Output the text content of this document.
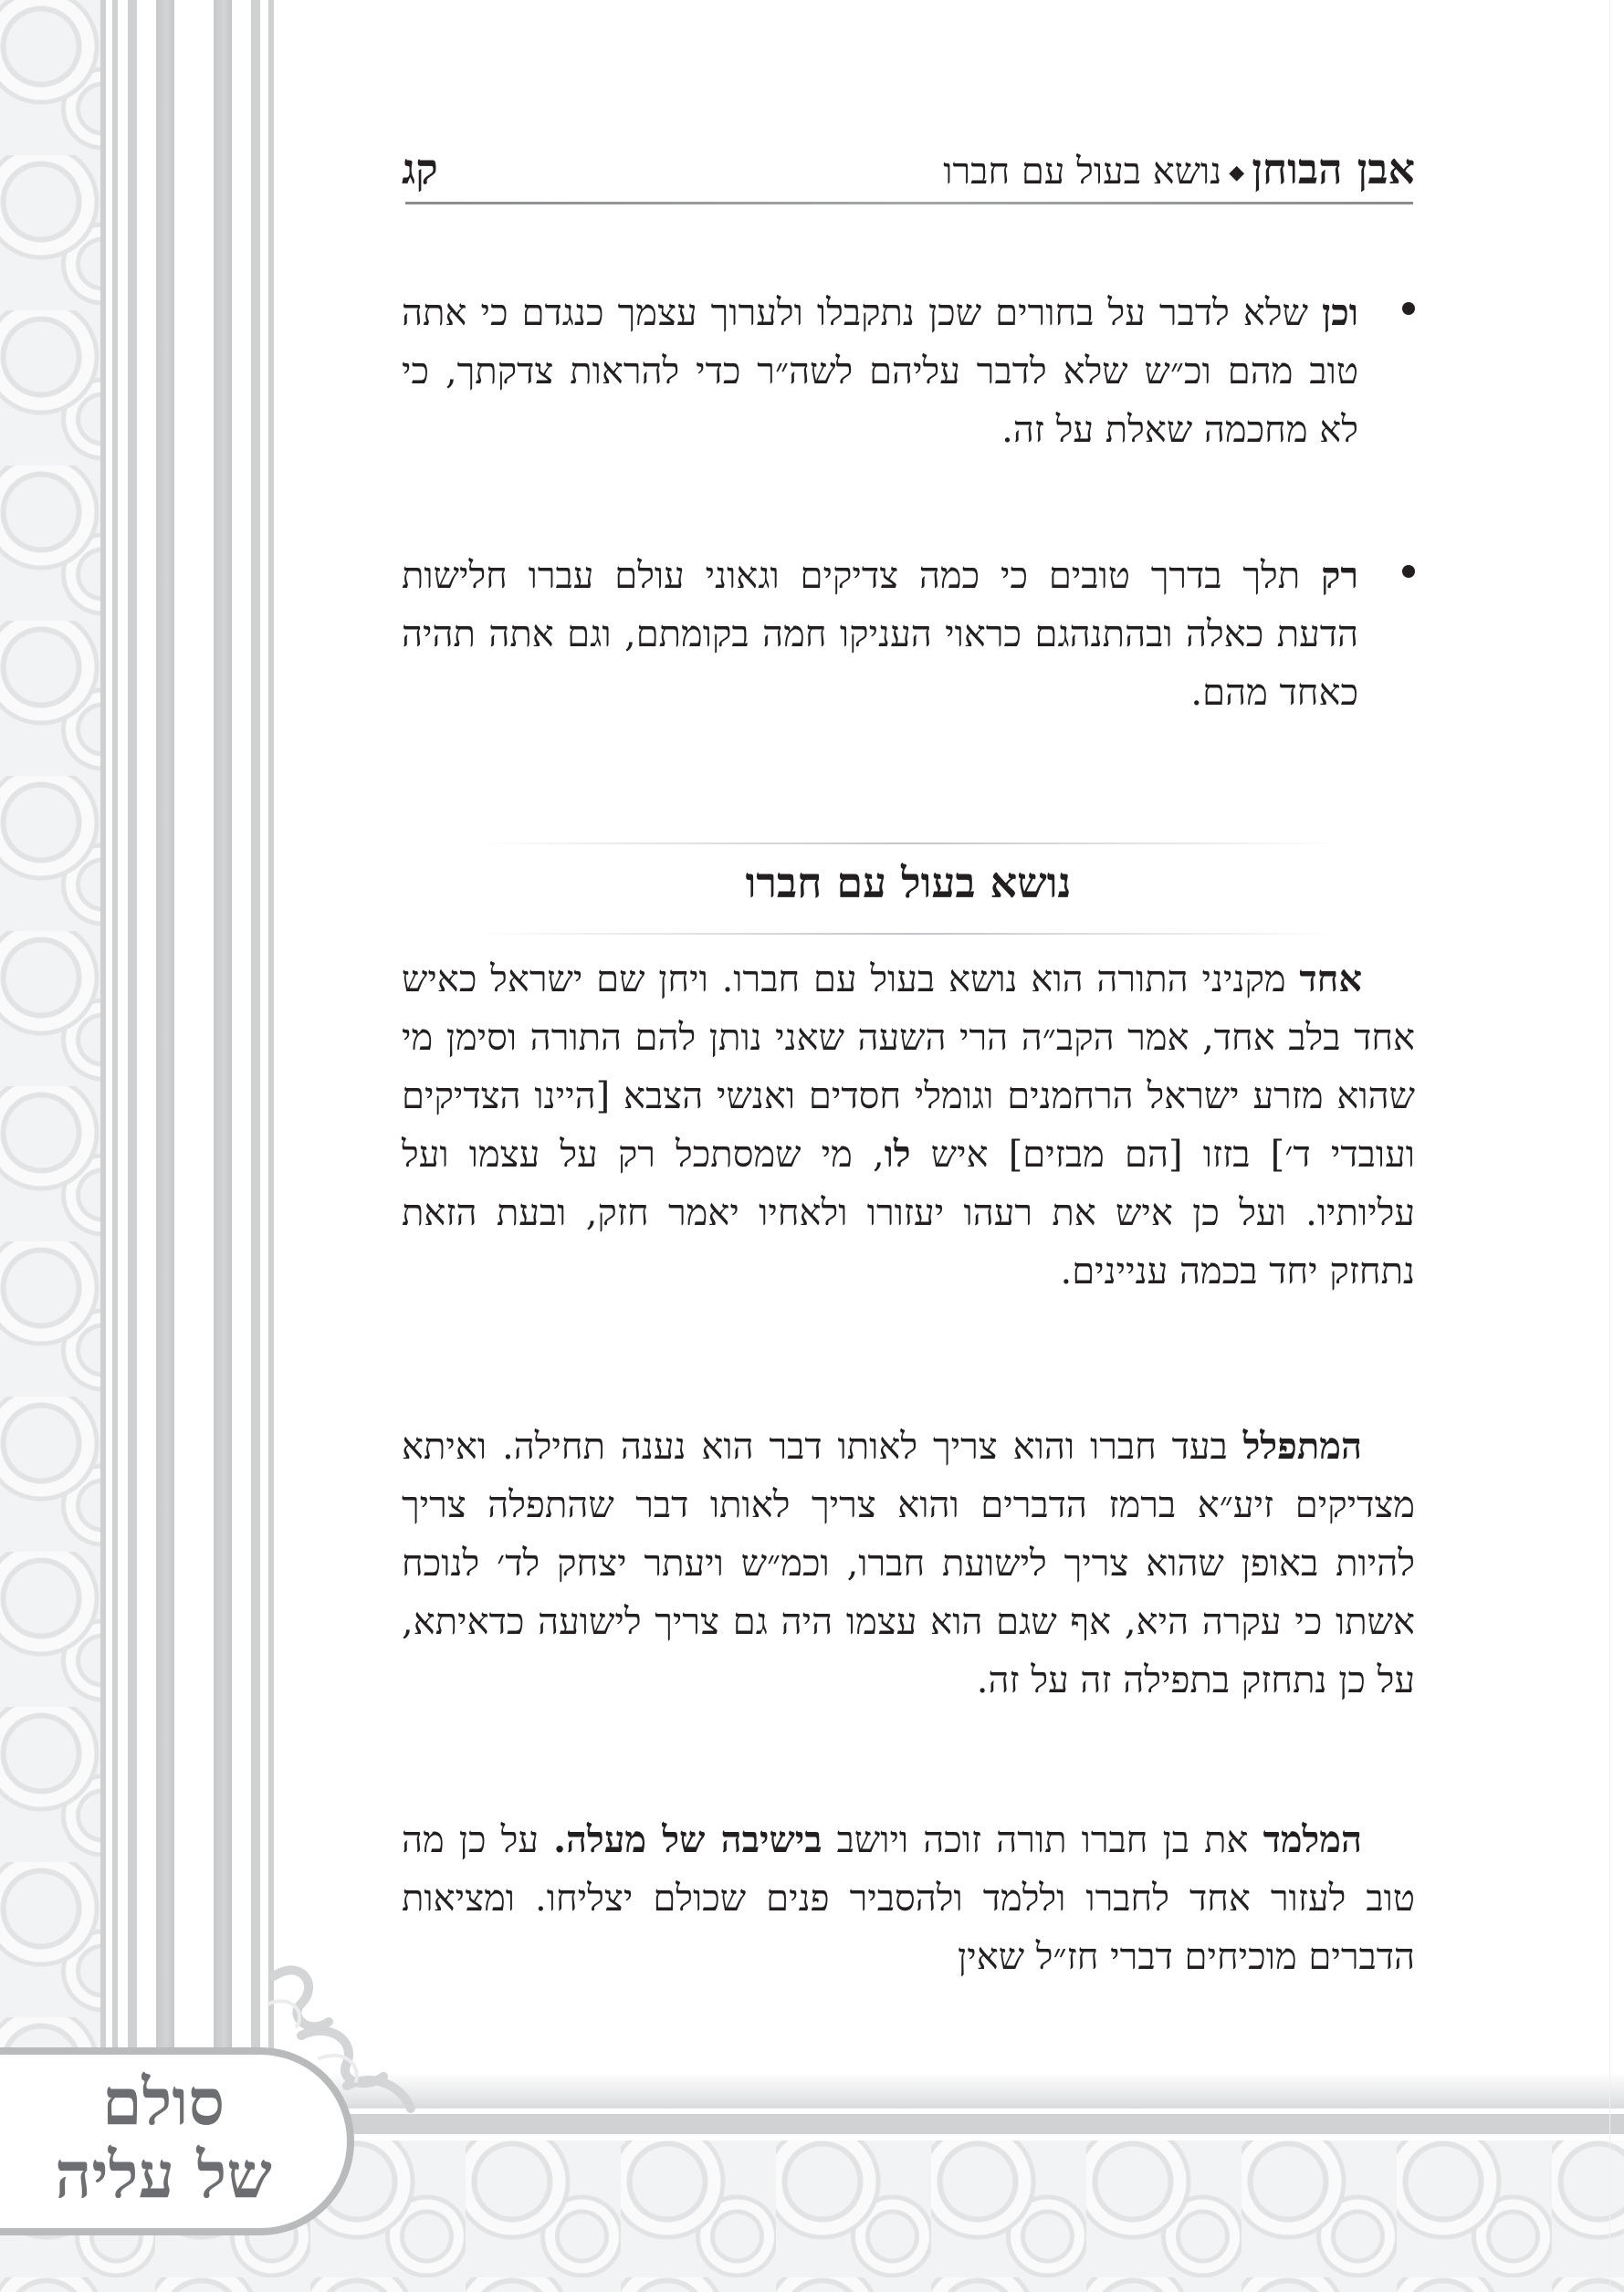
סולם
של עליה
אבן הבוחן◆נושא בעול עם חברו
קג

וכן שלא לדבר על בחורים שכן נתקבלו ולערוך עצמך כנגדם כי אתה טוב מהם וכ״ש שלא לדבר עליהם לשה״ר כדי להראות צדקתך, כי לא מחכמה שאלת על זה.

רק תלך בדרך טובים כי כמה צדיקים וגאוני עולם עברו חלישות הדעת כאלה ובהתנהגם כראוי העניקו חמה בקומתם, וגם אתה תהיה כאחד מהם.

נושא בעול עם חברו

אחד מקניני התורה הוא נושא בעול עם חברו. ויחן שם ישראל כאיש אחד בלב אחד, אמר הקב״ה הרי השעה שאני נותן להם התורה וסימן מי שהוא מזרע ישראל הרחמנים וגומלי חסדים ואנשי הצבא [היינו הצדיקים ועובדי ד׳] בזזו [הם מבזים] איש לו, מי שמסתכל רק על עצמו ועל עליותיו. ועל כן איש את רעהו יעזורו ולאחיו יאמר חזק, ובעת הזאת נתחזק יחד בכמה עניינים.

המתפלל בעד חברו והוא צריך לאותו דבר הוא נענה תחילה. ואיתא מצדיקים זיע״א ברמז הדברים והוא צריך לאותו דבר שהתפלה צריך להיות באופן שהוא צריך לישועת חברו, וכמ״ש ויעתר יצחק לד׳ לנוכח אשתו כי עקרה היא, אף שגם הוא עצמו היה גם צריך לישועה כדאיתא, על כן נתחזק בתפילה זה על זה.

המלמד את בן חברו תורה זוכה ויושב בישיבה של מעלה. על כן מה טוב לעזור אחד לחברו וללמד ולהסביר פנים שכולם יצליחו. ומציאות הדברים מוכיחים דברי חז״ל שאין
